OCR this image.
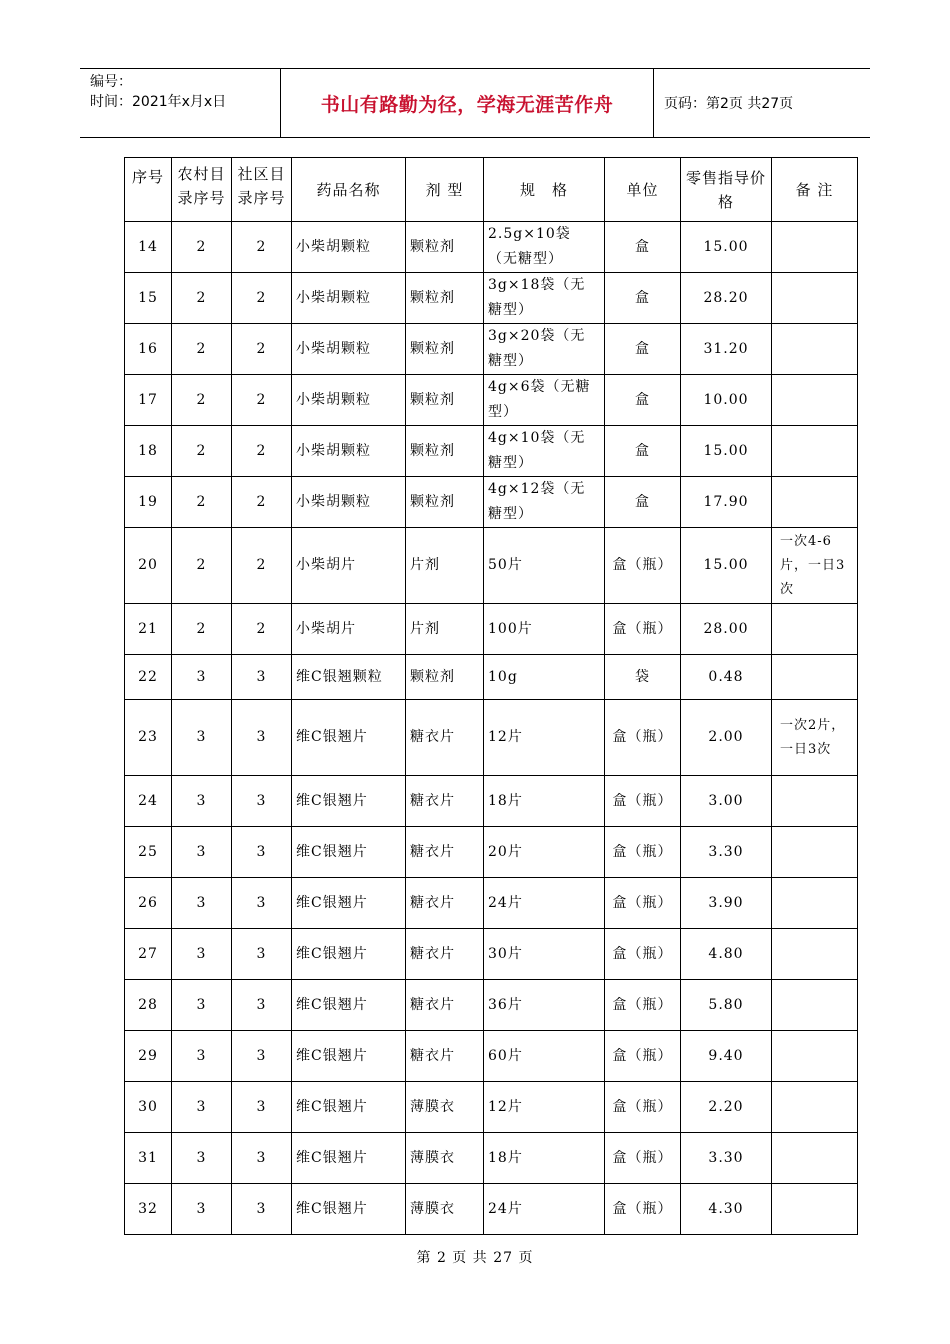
编号：
时间：2021年x月x日	书山有路勤为径，学海无涯苦作舟	页码：第2页 共27页
序号	农村目录序号	社区目录序号	药品名称	剂 型	规　格	单位	零售指导价格	备 注
14	2	2	小柴胡颗粒	颗粒剂	2.5g×10袋（无糖型）	盒	15.00	
15	2	2	小柴胡颗粒	颗粒剂	3g×18袋（无糖型）	盒	28.20	
16	2	2	小柴胡颗粒	颗粒剂	3g×20袋（无糖型）	盒	31.20	
17	2	2	小柴胡颗粒	颗粒剂	4g×6袋（无糖型）	盒	10.00	
18	2	2	小柴胡颗粒	颗粒剂	4g×10袋（无糖型）	盒	15.00	
19	2	2	小柴胡颗粒	颗粒剂	4g×12袋（无糖型）	盒	17.90	
20	2	2	小柴胡片	片剂	50片	盒（瓶）	15.00	一次4-6片，一日3次
21	2	2	小柴胡片	片剂	100片	盒（瓶）	28.00	
22	3	3	维C银翘颗粒	颗粒剂	10g	袋	0.48	
23	3	3	维C银翘片	糖衣片	12片	盒（瓶）	2.00	一次2片，一日3次
24	3	3	维C银翘片	糖衣片	18片	盒（瓶）	3.00	
25	3	3	维C银翘片	糖衣片	20片	盒（瓶）	3.30	
26	3	3	维C银翘片	糖衣片	24片	盒（瓶）	3.90	
27	3	3	维C银翘片	糖衣片	30片	盒（瓶）	4.80	
28	3	3	维C银翘片	糖衣片	36片	盒（瓶）	5.80	
29	3	3	维C银翘片	糖衣片	60片	盒（瓶）	9.40	
30	3	3	维C银翘片	薄膜衣	12片	盒（瓶）	2.20	
31	3	3	维C银翘片	薄膜衣	18片	盒（瓶）	3.30	
32	3	3	维C银翘片	薄膜衣	24片	盒（瓶）	4.30	
第 2 页 共 27 页
